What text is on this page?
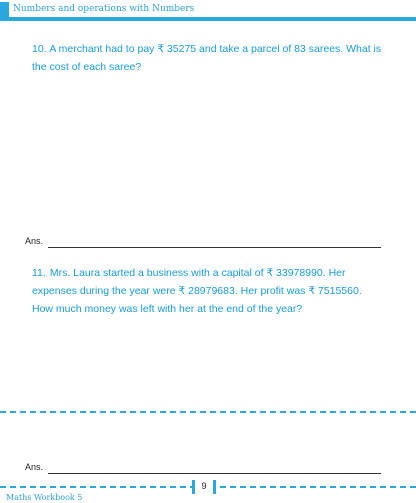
Numbers and operations with Numbers
10. A merchant had to pay ₹ 35275 and take a parcel of 83 sarees. What is the cost of each saree?
Ans.
11. Mrs. Laura started a business with a capital of ₹ 33978990. Her expenses during the year were ₹ 28979683. Her profit was ₹ 7515560. How much money was left with her at the end of the year?
Ans.
9
Maths Workbook 5
